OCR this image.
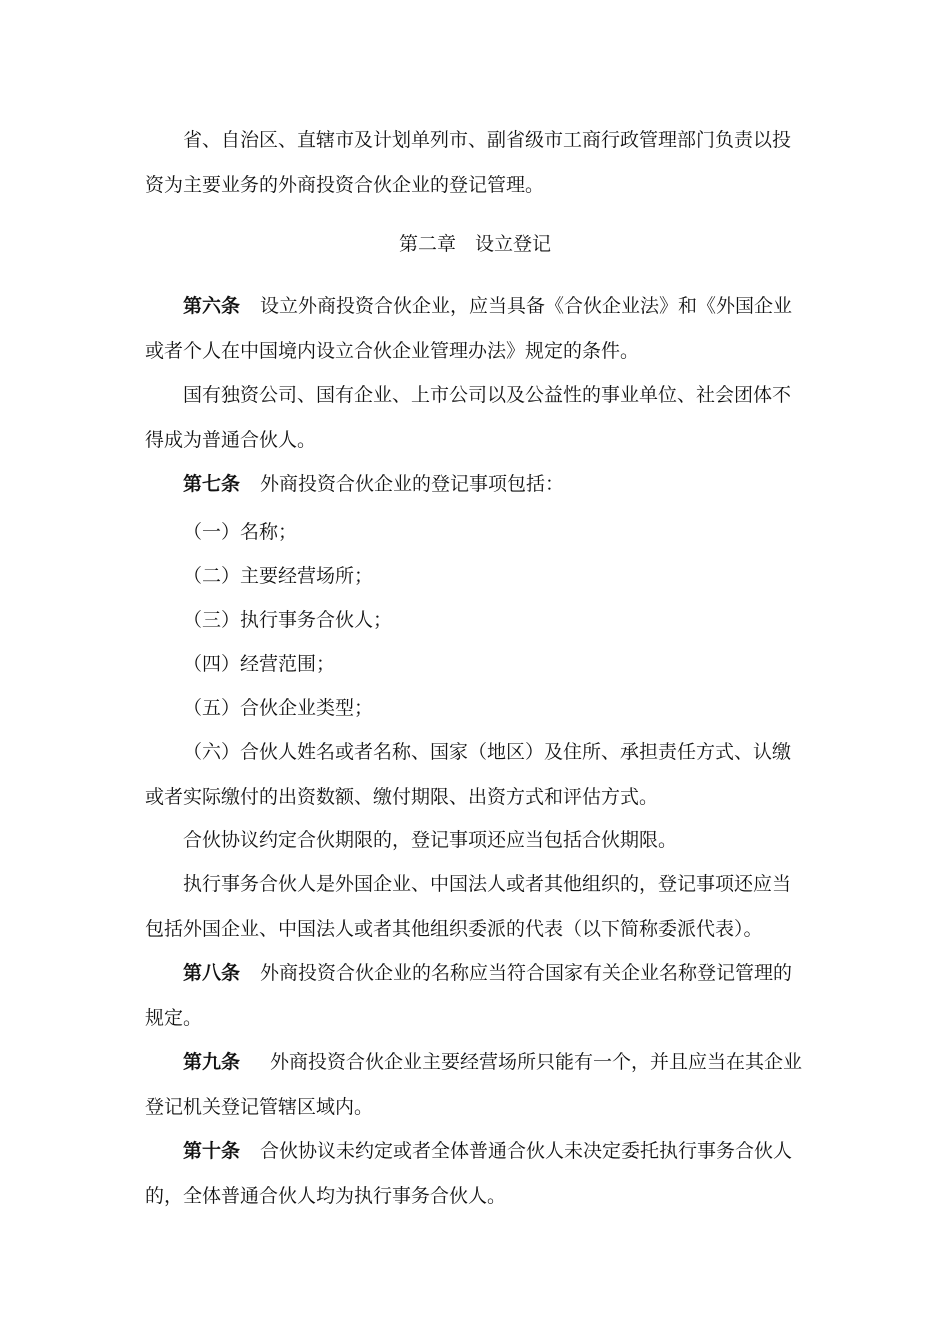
省、自治区、直辖市及计划单列市、副省级市工商行政管理部门负责以投资为主要业务的外商投资合伙企业的登记管理。

第二章　设立登记

第六条 设立外商投资合伙企业，应当具备《合伙企业法》和《外国企业或者个人在中国境内设立合伙企业管理办法》规定的条件。

国有独资公司、国有企业、上市公司以及公益性的事业单位、社会团体不得成为普通合伙人。

第七条 外商投资合伙企业的登记事项包括：

（一）名称；

（二）主要经营场所；

（三）执行事务合伙人；

（四）经营范围；

（五）合伙企业类型；

（六）合伙人姓名或者名称、国家（地区）及住所、承担责任方式、认缴或者实际缴付的出资数额、缴付期限、出资方式和评估方式。

合伙协议约定合伙期限的，登记事项还应当包括合伙期限。

执行事务合伙人是外国企业、中国法人或者其他组织的，登记事项还应当包括外国企业、中国法人或者其他组织委派的代表（以下简称委派代表）。

第八条 外商投资合伙企业的名称应当符合国家有关企业名称登记管理的规定。

第九条 外商投资合伙企业主要经营场所只能有一个，并且应当在其企业登记机关登记管辖区域内。

第十条 合伙协议未约定或者全体普通合伙人未决定委托执行事务合伙人的，全体普通合伙人均为执行事务合伙人。
